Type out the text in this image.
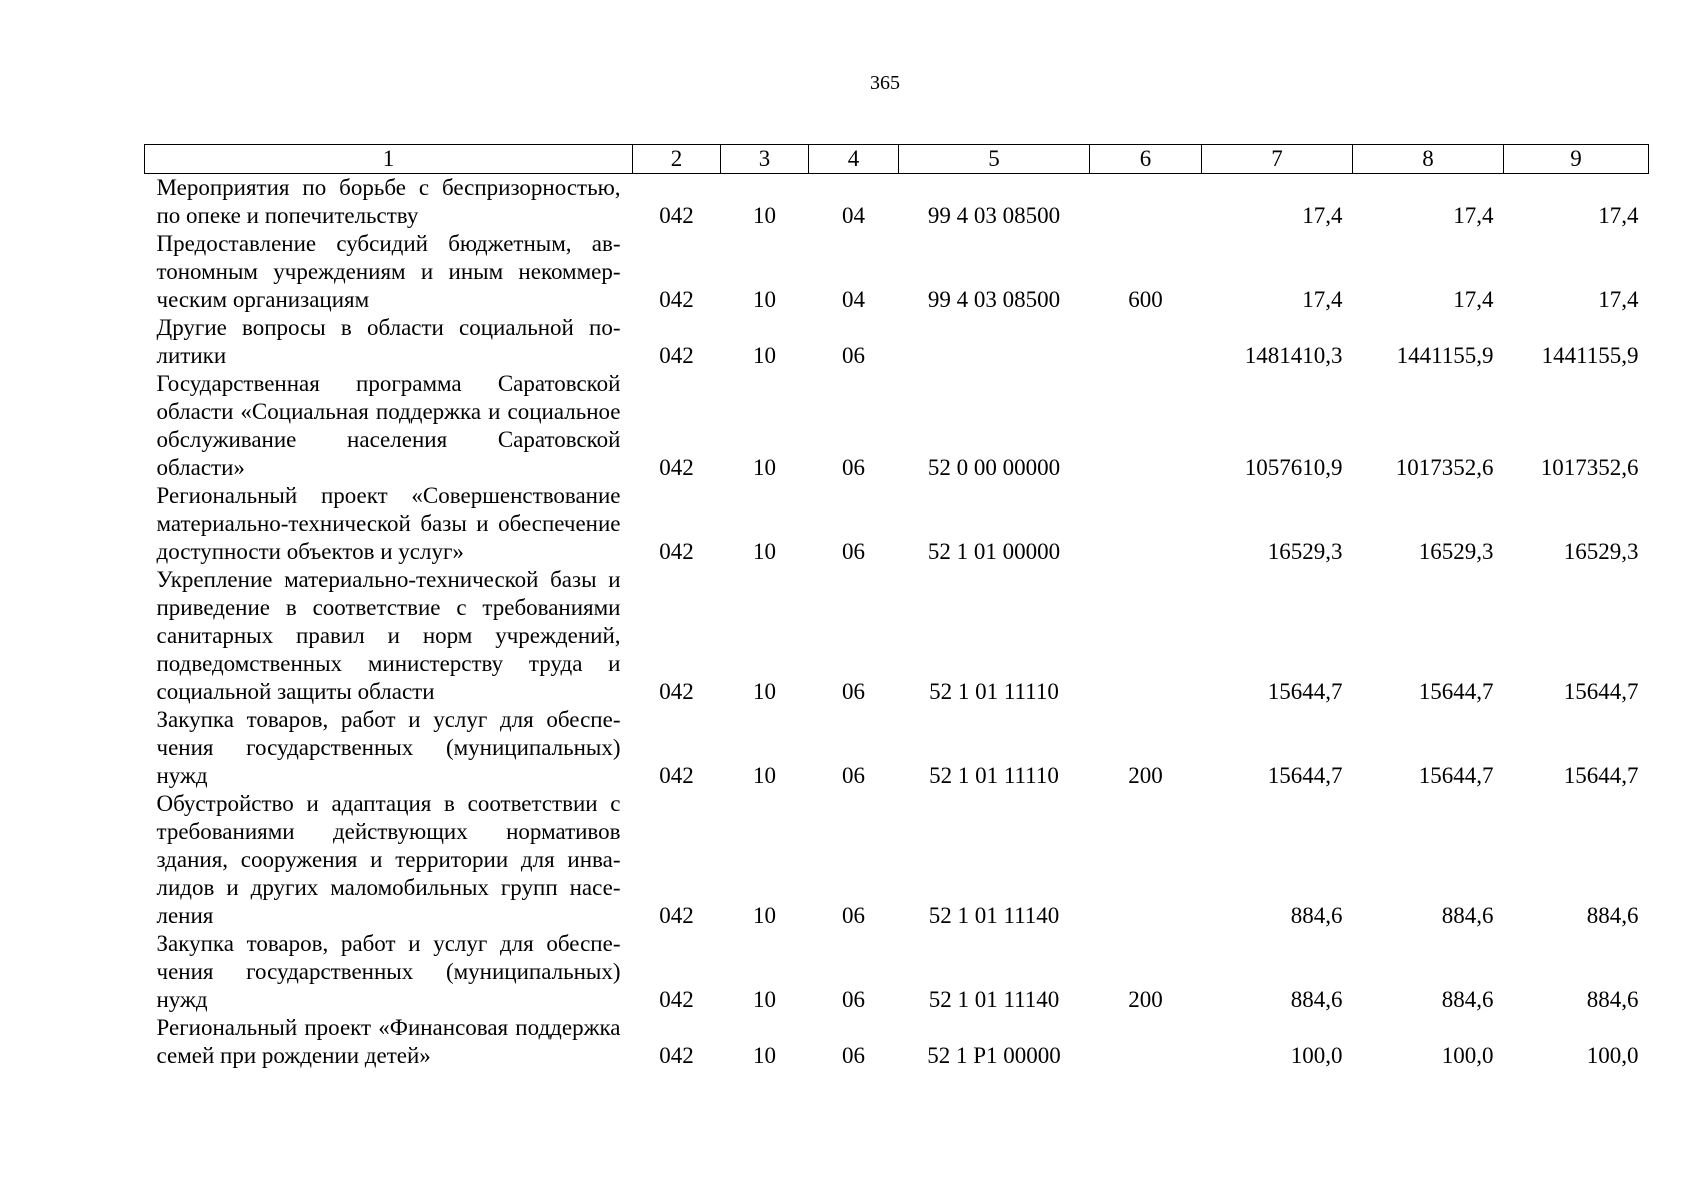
365
1	2	3	4	5	6	7	8	9
Мероприятия по борьбе с беспризорностью, по опеке и попечительству	042	10	04	99 4 03 08500		17,4	17,4	17,4
Предоставление субсидий бюджетным, автономным учреждениям и иным некоммерческим организациям	042	10	04	99 4 03 08500	600	17,4	17,4	17,4
Другие вопросы в области социальной политики	042	10	06			1481410,3	1441155,9	1441155,9
Государственная программа Саратовской области «Социальная поддержка и социальное обслуживание населения Саратовской области»	042	10	06	52 0 00 00000		1057610,9	1017352,6	1017352,6
Региональный проект «Совершенствование материально-технической базы и обеспечение доступности объектов и услуг»	042	10	06	52 1 01 00000		16529,3	16529,3	16529,3
Укрепление материально-технической базы и приведение в соответствие с требованиями санитарных правил и норм учреждений, подведомственных министерству труда и социальной защиты области	042	10	06	52 1 01 11110		15644,7	15644,7	15644,7
Закупка товаров, работ и услуг для обеспечения государственных (муниципальных) нужд	042	10	06	52 1 01 11110	200	15644,7	15644,7	15644,7
Обустройство и адаптация в соответствии с требованиями действующих нормативов здания, сооружения и территории для инвалидов и других маломобильных групп населения	042	10	06	52 1 01 11140		884,6	884,6	884,6
Закупка товаров, работ и услуг для обеспечения государственных (муниципальных) нужд	042	10	06	52 1 01 11140	200	884,6	884,6	884,6
Региональный проект «Финансовая поддержка семей при рождении детей»	042	10	06	52 1 P1 00000		100,0	100,0	100,0
